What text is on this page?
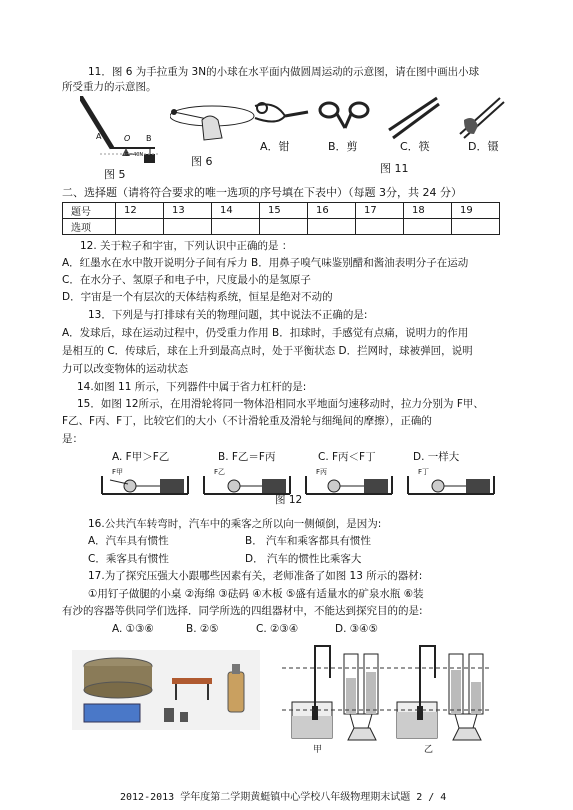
11．图 6 为手拉重为 3N的小球在水平面内做圆周运动的示意图，请在图中画出小球
所受重力的示意图。
A	O B
G=40N
图 5
图 6
A．钳	B．剪	C．筷	D．镊
图 11
二、选择题（请将符合要求的唯一选项的序号填在下表中）（每题 3分，共 24 分）
题号	12	13	14	15	16	17	18	19
选项								
12. 关于粒子和宇宙，下列认识中正确的是 ：
A．红墨水在水中散开说明分子间有斥力 B．用鼻子嗅气味鉴别醋和酱油表明分子在运动
C．在水分子、氢原子和电子中，尺度最小的是氢原子
D．宇宙是一个有层次的天体结构系统，恒星是绝对不动的
13．下列是与打排球有关的物理问题，其中说法不正确的是:
A．发球后，球在运动过程中，仍受重力作用 B．扣球时，手感觉有点痛，说明力的作用
是相互的 C．传球后，球在上升到最高点时，处于平衡状态 D．拦网时，球被弹回，说明
力可以改变物体的运动状态
14.如图 11 所示，下列器件中属于省力杠杆的是:
15．如图 12所示，在用滑轮将同一物体沿相同水平地面匀速移动时，拉力分别为 F甲、
F乙、F丙、F丁，比较它们的大小（不计滑轮重及滑轮与细绳间的摩擦），正确的
是：
A. F甲＞F乙	B. F乙＝F丙	C. F丙＜F丁	D. 一样大
F甲	F乙	F丙	F丁
图 12
16.公共汽车转弯时，汽车中的乘客之所以向一侧倾倒，是因为:
A．汽车具有惯性	B． 汽车和乘客都具有惯性
C．乘客具有惯性	D． 汽车的惯性比乘客大
17.为了探究压强大小跟哪些因素有关，老师准备了如图 13 所示的器材:
①用钉子做腿的小桌 ②海绵 ③砝码 ④木板 ⑤盛有适量水的矿泉水瓶 ⑥装
有沙的容器等供同学们选择．同学所选的四组器材中，不能达到探究目的的是:
A. ①③⑥	B. ②⑤	C. ②③④	D. ③④⑤
甲	乙
2012-2013 学年度第二学期黄蜓镇中心学校八年级物理期末试题 2 / 4
